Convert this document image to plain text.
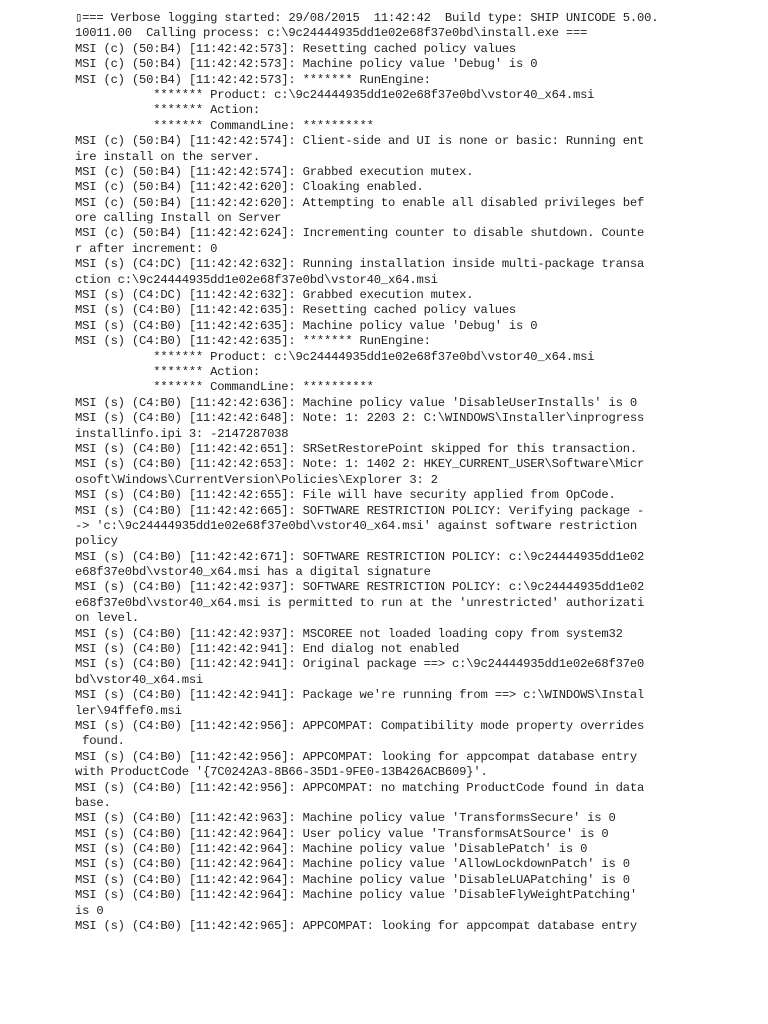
▯=== Verbose logging started: 29/08/2015  11:42:42  Build type: SHIP UNICODE 5.00.
10011.00  Calling process: c:\9c24444935dd1e02e68f37e0bd\install.exe ===
MSI (c) (50:B4) [11:42:42:573]: Resetting cached policy values
MSI (c) (50:B4) [11:42:42:573]: Machine policy value 'Debug' is 0
MSI (c) (50:B4) [11:42:42:573]: ******* RunEngine:
******* Product: c:\9c24444935dd1e02e68f37e0bd\vstor40_x64.msi
******* Action:
******* CommandLine: **********
MSI (c) (50:B4) [11:42:42:574]: Client-side and UI is none or basic: Running ent
ire install on the server.
MSI (c) (50:B4) [11:42:42:574]: Grabbed execution mutex.
MSI (c) (50:B4) [11:42:42:620]: Cloaking enabled.
MSI (c) (50:B4) [11:42:42:620]: Attempting to enable all disabled privileges bef
ore calling Install on Server
MSI (c) (50:B4) [11:42:42:624]: Incrementing counter to disable shutdown. Counte
r after increment: 0
MSI (s) (C4:DC) [11:42:42:632]: Running installation inside multi-package transa
ction c:\9c24444935dd1e02e68f37e0bd\vstor40_x64.msi
MSI (s) (C4:DC) [11:42:42:632]: Grabbed execution mutex.
MSI (s) (C4:B0) [11:42:42:635]: Resetting cached policy values
MSI (s) (C4:B0) [11:42:42:635]: Machine policy value 'Debug' is 0
MSI (s) (C4:B0) [11:42:42:635]: ******* RunEngine:
******* Product: c:\9c24444935dd1e02e68f37e0bd\vstor40_x64.msi
******* Action:
******* CommandLine: **********
MSI (s) (C4:B0) [11:42:42:636]: Machine policy value 'DisableUserInstalls' is 0
MSI (s) (C4:B0) [11:42:42:648]: Note: 1: 2203 2: C:\WINDOWS\Installer\inprogress
installinfo.ipi 3: -2147287038
MSI (s) (C4:B0) [11:42:42:651]: SRSetRestorePoint skipped for this transaction.
MSI (s) (C4:B0) [11:42:42:653]: Note: 1: 1402 2: HKEY_CURRENT_USER\Software\Micr
osoft\Windows\CurrentVersion\Policies\Explorer 3: 2
MSI (s) (C4:B0) [11:42:42:655]: File will have security applied from OpCode.
MSI (s) (C4:B0) [11:42:42:665]: SOFTWARE RESTRICTION POLICY: Verifying package -
-> 'c:\9c24444935dd1e02e68f37e0bd\vstor40_x64.msi' against software restriction
policy
MSI (s) (C4:B0) [11:42:42:671]: SOFTWARE RESTRICTION POLICY: c:\9c24444935dd1e02
e68f37e0bd\vstor40_x64.msi has a digital signature
MSI (s) (C4:B0) [11:42:42:937]: SOFTWARE RESTRICTION POLICY: c:\9c24444935dd1e02
e68f37e0bd\vstor40_x64.msi is permitted to run at the 'unrestricted' authorizati
on level.
MSI (s) (C4:B0) [11:42:42:937]: MSCOREE not loaded loading copy from system32
MSI (s) (C4:B0) [11:42:42:941]: End dialog not enabled
MSI (s) (C4:B0) [11:42:42:941]: Original package ==> c:\9c24444935dd1e02e68f37e0
bd\vstor40_x64.msi
MSI (s) (C4:B0) [11:42:42:941]: Package we're running from ==> c:\WINDOWS\Instal
ler\94ffef0.msi
MSI (s) (C4:B0) [11:42:42:956]: APPCOMPAT: Compatibility mode property overrides
found.
MSI (s) (C4:B0) [11:42:42:956]: APPCOMPAT: looking for appcompat database entry
with ProductCode '{7C0242A3-8B66-35D1-9FE0-13B426ACB609}'.
MSI (s) (C4:B0) [11:42:42:956]: APPCOMPAT: no matching ProductCode found in data
base.
MSI (s) (C4:B0) [11:42:42:963]: Machine policy value 'TransformsSecure' is 0
MSI (s) (C4:B0) [11:42:42:964]: User policy value 'TransformsAtSource' is 0
MSI (s) (C4:B0) [11:42:42:964]: Machine policy value 'DisablePatch' is 0
MSI (s) (C4:B0) [11:42:42:964]: Machine policy value 'AllowLockdownPatch' is 0
MSI (s) (C4:B0) [11:42:42:964]: Machine policy value 'DisableLUAPatching' is 0
MSI (s) (C4:B0) [11:42:42:964]: Machine policy value 'DisableFlyWeightPatching'
is 0
MSI (s) (C4:B0) [11:42:42:965]: APPCOMPAT: looking for appcompat database entry
